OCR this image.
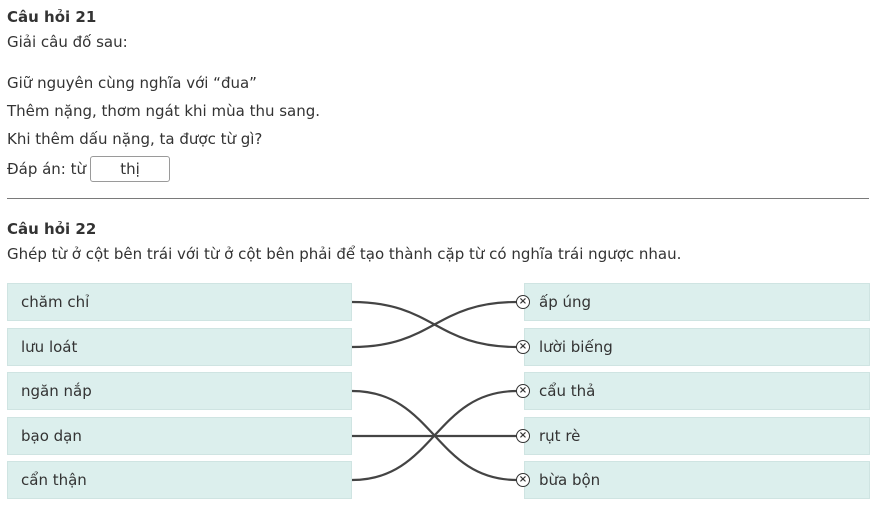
Câu hỏi 21
Giải câu đố sau:
Giữ nguyên cùng nghĩa với “đua”
Thêm nặng, thơm ngát khi mùa thu sang.
Khi thêm dấu nặng, ta được từ gì?
Đáp án: từ	thị
Câu hỏi 22
Ghép từ ở cột bên trái với từ ở cột bên phải để tạo thành cặp từ có nghĩa trái ngược nhau.
chăm chỉ
lưu loát
ngăn nắp
bạo dạn
cẩn thận
ấp úng
lười biếng
cẩu thả
rụt rè
bừa bộn
×
×
×
×
×
